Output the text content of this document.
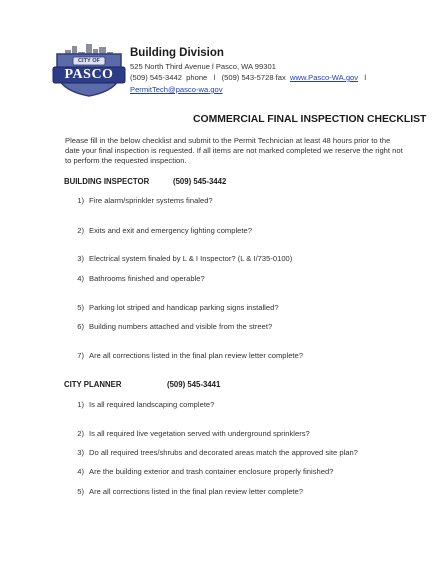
CITY OF
PASCO
Building Division
525 North Third Avenue l Pasco, WA 99301
(509) 545-3442  phone   l   (509) 543-5728 fax  www.Pasco-WA.gov   l
PermitTech@pasco-wa.gov
COMMERCIAL FINAL INSPECTION CHECKLIST
Please fill in the below checklist and submit to the Permit Technician at least 48 hours prior to the
date your final inspection is requested. If all items are not marked completed we reserve the right not
to perform the requested inspection.
BUILDING INSPECTOR	(509) 545-3442
1) Fire alarm/sprinkler systems finaled?
2) Exits and exit and emergency lighting complete?
3) Electrical system finaled by L & I Inspector? (L & I/735-0100)
4) Bathrooms finished and operable?
5) Parking lot striped and handicap parking signs installed?
6) Building numbers attached and visible from the street?
7) Are all corrections listed in the final plan review letter complete?
CITY PLANNER	(509) 545-3441
1) Is all required landscaping complete?
2) Is all required live vegetation served with underground sprinklers?
3) Do all required trees/shrubs and decorated areas match the approved site plan?
4) Are the building exterior and trash container enclosure properly finished?
5) Are all corrections listed in the final plan review letter complete?
